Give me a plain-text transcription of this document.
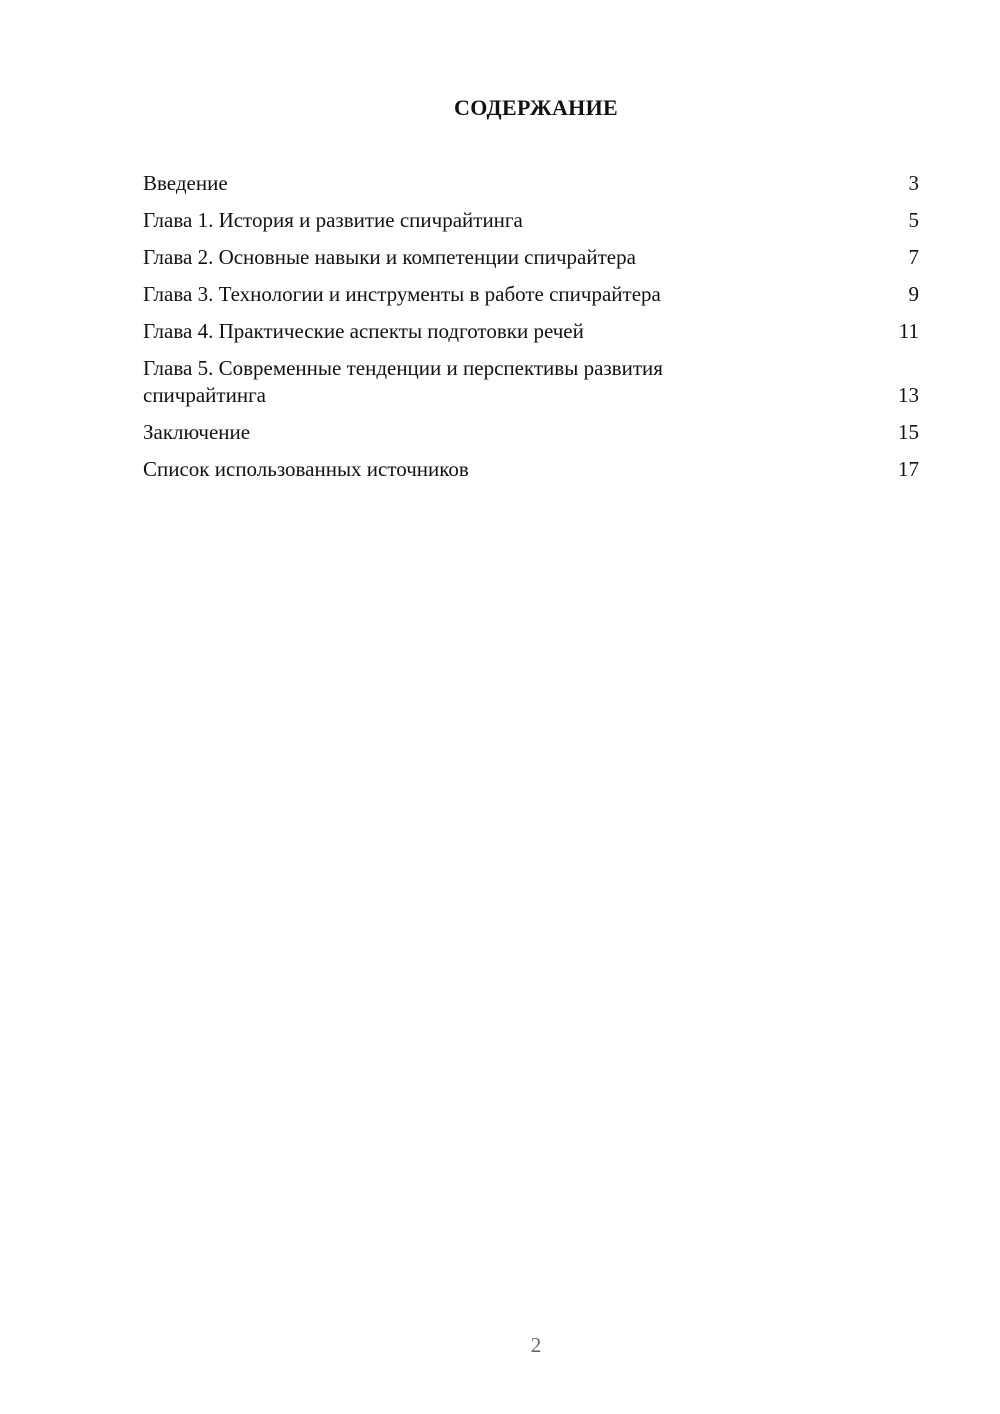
СОДЕРЖАНИЕ
Введение	3
Глава 1. История и развитие спичрайтинга	5
Глава 2. Основные навыки и компетенции спичрайтера	7
Глава 3. Технологии и инструменты в работе спичрайтера	9
Глава 4. Практические аспекты подготовки речей	11
Глава 5. Современные тенденции и перспективы развития спичрайтинга	13
Заключение	15
Список использованных источников	17
2
